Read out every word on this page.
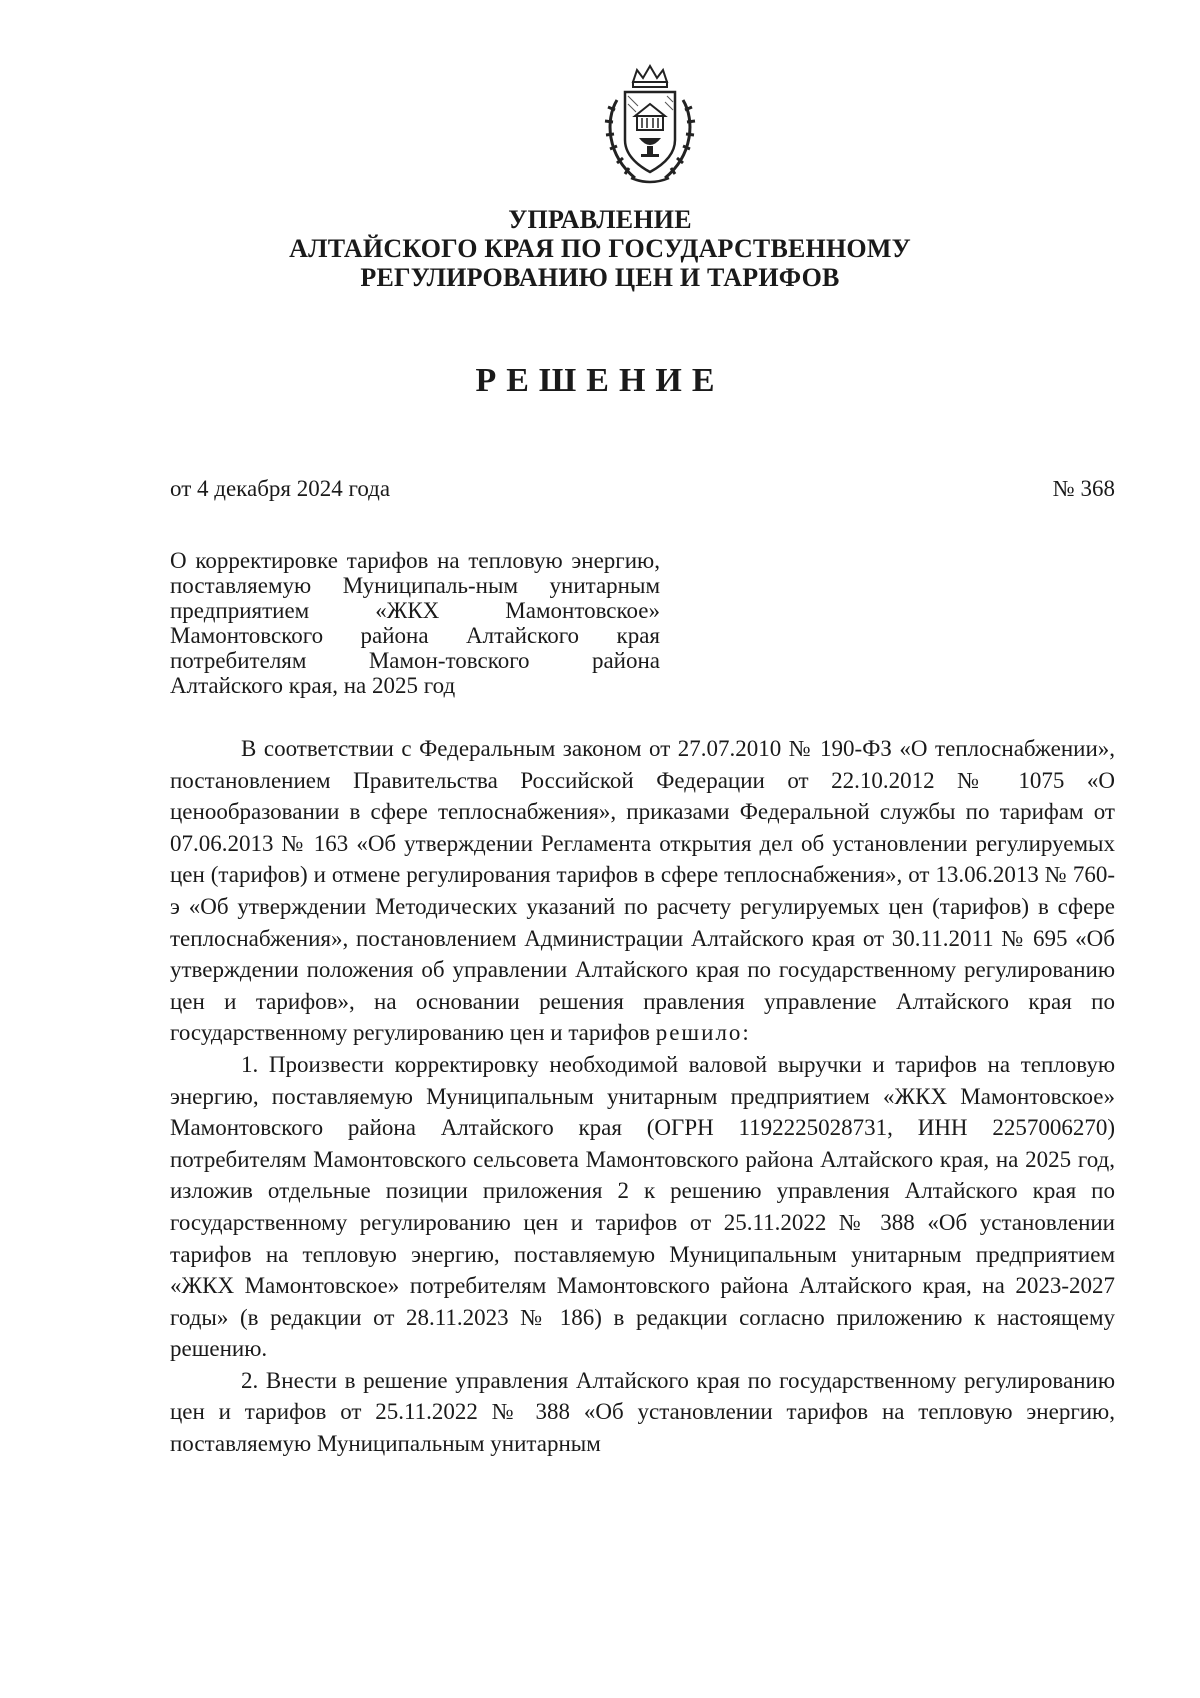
УПРАВЛЕНИЕ
АЛТАЙСКОГО КРАЯ ПО ГОСУДАРСТВЕННОМУ
РЕГУЛИРОВАНИЮ ЦЕН И ТАРИФОВ
РЕШЕНИЕ
от 4 декабря 2024 года	№ 368
О корректировке тарифов на тепловую энергию, поставляемую Муниципаль-ным унитарным предприятием «ЖКХ Мамонтовское» Мамонтовского района Алтайского края потребителям Мамон-товского района Алтайского края, на 2025 год

В соответствии с Федеральным законом от 27.07.2010 № 190-ФЗ «О теплоснабжении», постановлением Правительства Российской Федерации от 22.10.2012 № 1075 «О ценообразовании в сфере теплоснабжения», приказами Федеральной службы по тарифам от 07.06.2013 № 163 «Об утверждении Регламента открытия дел об установлении регулируемых цен (тарифов) и отмене регулирования тарифов в сфере теплоснабжения», от 13.06.2013 № 760-э «Об утверждении Методических указаний по расчету регулируемых цен (тарифов) в сфере теплоснабжения», постановлением Администрации Алтайского края от 30.11.2011 № 695 «Об утверждении положения об управлении Алтайского края по государственному регулированию цен и тарифов», на основании решения правления управление Алтайского края по государственному регулированию цен и тарифов решило:

1. Произвести корректировку необходимой валовой выручки и тарифов на тепловую энергию, поставляемую Муниципальным унитарным предприятием «ЖКХ Мамонтовское» Мамонтовского района Алтайского края (ОГРН 1192225028731, ИНН 2257006270) потребителям Мамонтовского сельсовета Мамонтовского района Алтайского края, на 2025 год, изложив отдельные позиции приложения 2 к решению управления Алтайского края по государственному регулированию цен и тарифов от 25.11.2022 № 388 «Об установлении тарифов на тепловую энергию, поставляемую Муниципальным унитарным предприятием «ЖКХ Мамонтовское» потребителям Мамонтовского района Алтайского края, на 2023-2027 годы» (в редакции от 28.11.2023 № 186) в редакции согласно приложению к настоящему решению.

2. Внести в решение управления Алтайского края по государственному регулированию цен и тарифов от 25.11.2022 № 388 «Об установлении тарифов на тепловую энергию, поставляемую Муниципальным унитарным
